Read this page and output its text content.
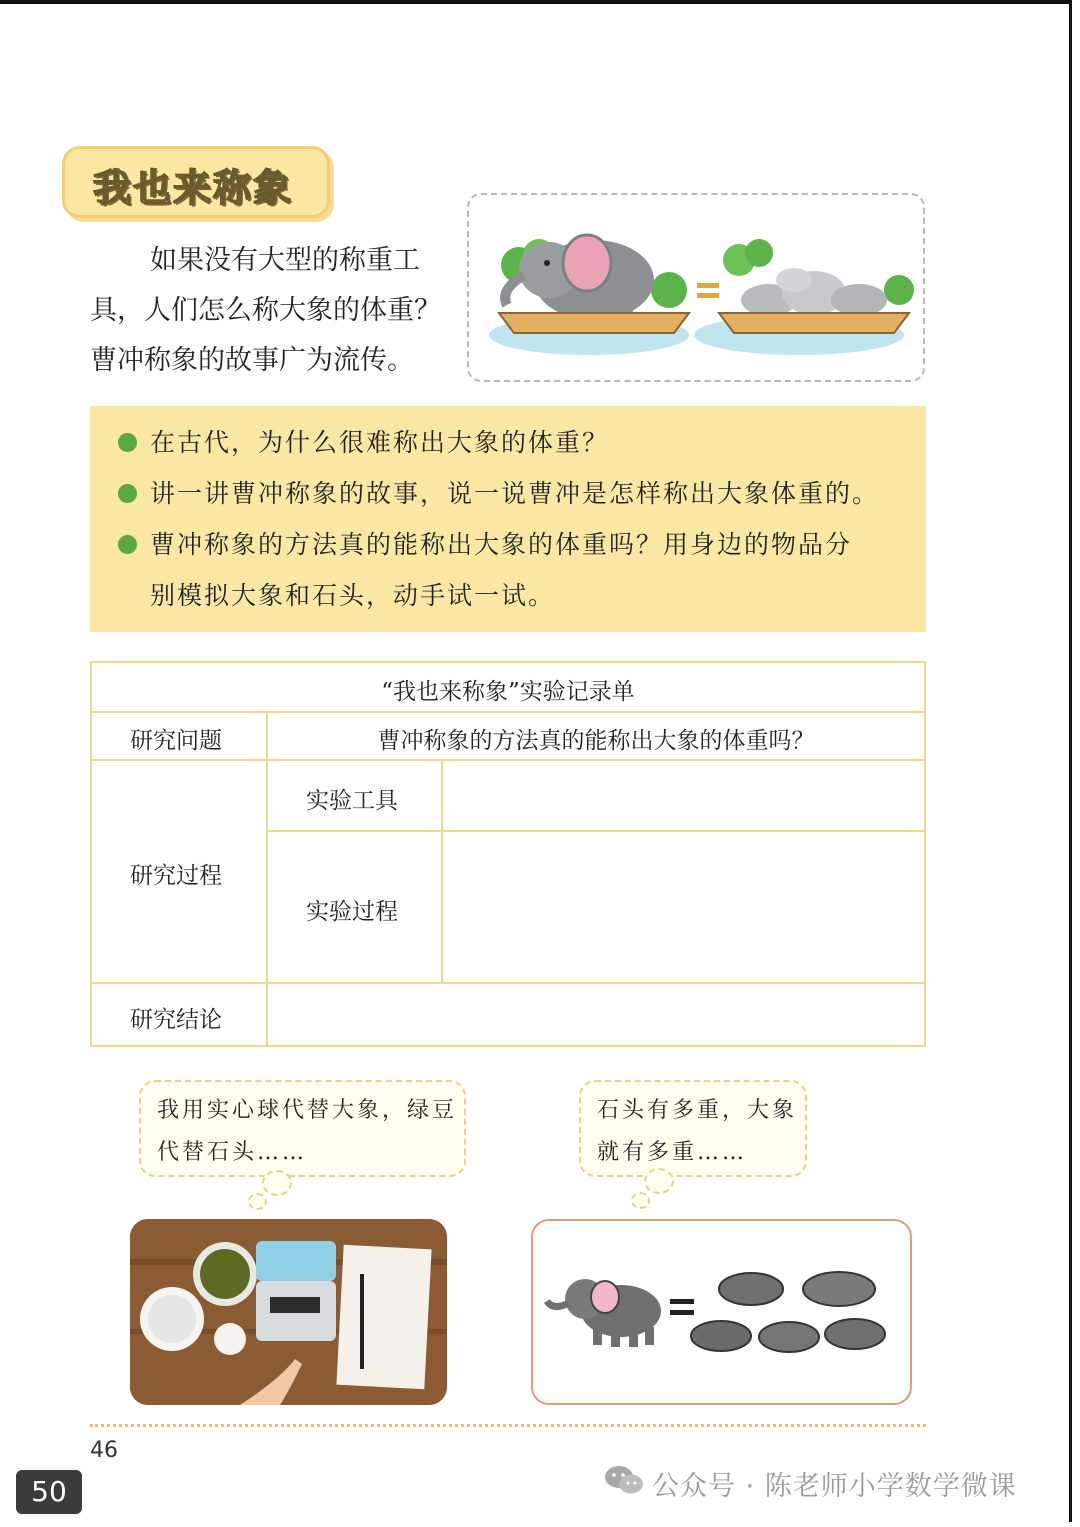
我也来称象
如果没有大型的称重工
具，人们怎么称大象的体重？
曹冲称象的故事广为流传。
在古代，为什么很难称出大象的体重？
讲一讲曹冲称象的故事，说一说曹冲是怎样称出大象体重的。
曹冲称象的方法真的能称出大象的体重吗？用身边的物品分
别模拟大象和石头，动手试一试。
“我也来称象”实验记录单
研究问题	曹冲称象的方法真的能称出大象的体重吗？
研究过程
实验工具
实验过程
研究结论
我用实心球代替大象，绿豆
代替石头……
石头有多重，大象
就有多重……
46
50	公众号 · 陈老师小学数学微课
